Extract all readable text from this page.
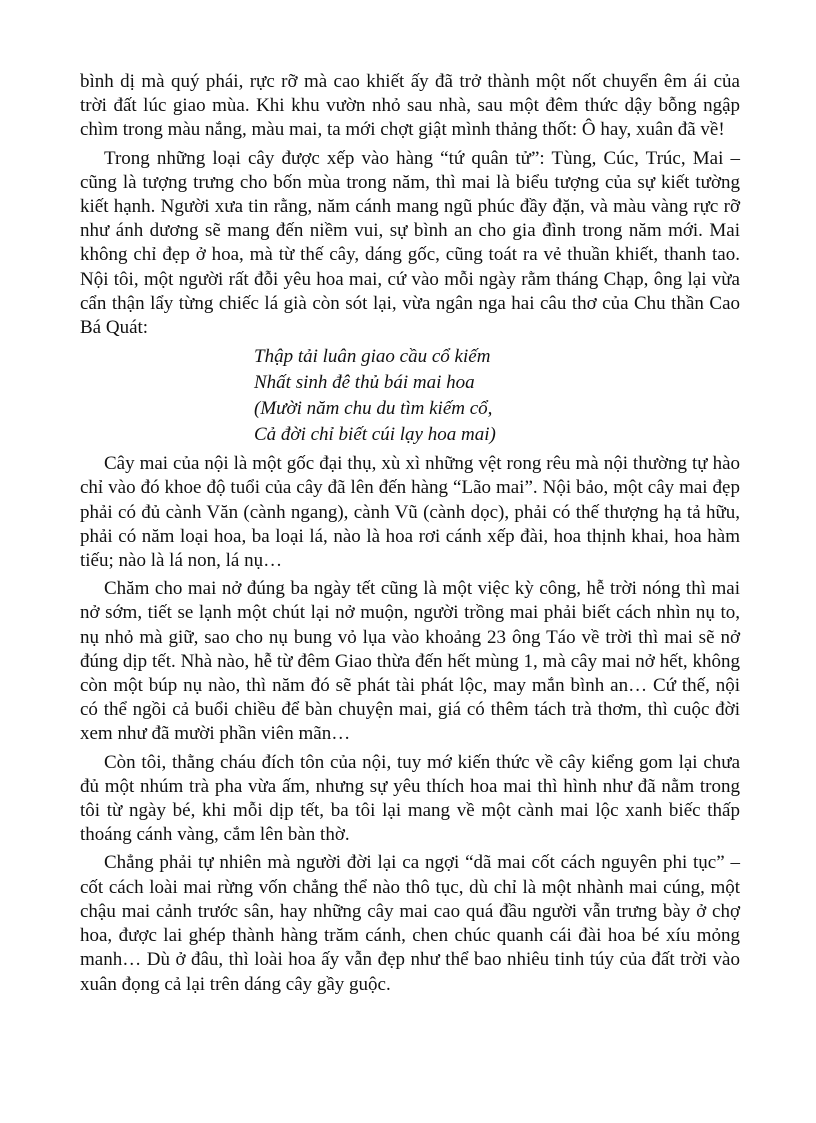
bình dị mà quý phái, rực rỡ mà cao khiết ấy đã trở thành một nốt chuyển êm ái của trời đất lúc giao mùa. Khi khu vườn nhỏ sau nhà, sau một đêm thức dậy bỗng ngập chìm trong màu nắng, màu mai, ta mới chợt giật mình thảng thốt: Ô hay, xuân đã về!

Trong những loại cây được xếp vào hàng “tứ quân tử”: Tùng, Cúc, Trúc, Mai – cũng là tượng trưng cho bốn mùa trong năm, thì mai là biểu tượng của sự kiết tường kiết hạnh. Người xưa tin rằng, năm cánh mang ngũ phúc đầy đặn, và màu vàng rực rỡ như ánh dương sẽ mang đến niềm vui, sự bình an cho gia đình trong năm mới. Mai không chỉ đẹp ở hoa, mà từ thế cây, dáng gốc, cũng toát ra vẻ thuần khiết, thanh tao. Nội tôi, một người rất đỗi yêu hoa mai, cứ vào mỗi ngày rằm tháng Chạp, ông lại vừa cẩn thận lẩy từng chiếc lá già còn sót lại, vừa ngân nga hai câu thơ của Chu thần Cao Bá Quát:

Thập tải luân giao cầu cổ kiếm
Nhất sinh đê thủ bái mai hoa
(Mười năm chu du tìm kiếm cổ,
Cả đời chỉ biết cúi lạy hoa mai)

Cây mai của nội là một gốc đại thụ, xù xì những vệt rong rêu mà nội thường tự hào chỉ vào đó khoe độ tuổi của cây đã lên đến hàng “Lão mai”. Nội bảo, một cây mai đẹp phải có đủ cành Văn (cành ngang), cành Vũ (cành dọc), phải có thế thượng hạ tả hữu, phải có năm loại hoa, ba loại lá, nào là hoa rơi cánh xếp đài, hoa thịnh khai, hoa hàm tiếu; nào là lá non, lá nụ…

Chăm cho mai nở đúng ba ngày tết cũng là một việc kỳ công, hễ trời nóng thì mai nở sớm, tiết se lạnh một chút lại nở muộn, người trồng mai phải biết cách nhìn nụ to, nụ nhỏ mà giữ, sao cho nụ bung vỏ lụa vào khoảng 23 ông Táo về trời thì mai sẽ nở đúng dịp tết. Nhà nào, hễ từ đêm Giao thừa đến hết mùng 1, mà cây mai nở hết, không còn một búp nụ nào, thì năm đó sẽ phát tài phát lộc, may mắn bình an… Cứ thế, nội có thể ngồi cả buổi chiều để bàn chuyện mai, giá có thêm tách trà thơm, thì cuộc đời xem như đã mười phần viên mãn…

Còn tôi, thằng cháu đích tôn của nội, tuy mớ kiến thức về cây kiểng gom lại chưa đủ một nhúm trà pha vừa ấm, nhưng sự yêu thích hoa mai thì hình như đã nằm trong tôi từ ngày bé, khi mỗi dịp tết, ba tôi lại mang về một cành mai lộc xanh biếc thấp thoáng cánh vàng, cắm lên bàn thờ.

Chẳng phải tự nhiên mà người đời lại ca ngợi “dã mai cốt cách nguyên phi tục” – cốt cách loài mai rừng vốn chẳng thể nào thô tục, dù chỉ là một nhành mai cúng, một chậu mai cảnh trước sân, hay những cây mai cao quá đầu người vẫn trưng bày ở chợ hoa, được lai ghép thành hàng trăm cánh, chen chúc quanh cái đài hoa bé xíu mỏng manh… Dù ở đâu, thì loài hoa ấy vẫn đẹp như thể bao nhiêu tinh túy của đất trời vào xuân đọng cả lại trên dáng cây gầy guộc.
